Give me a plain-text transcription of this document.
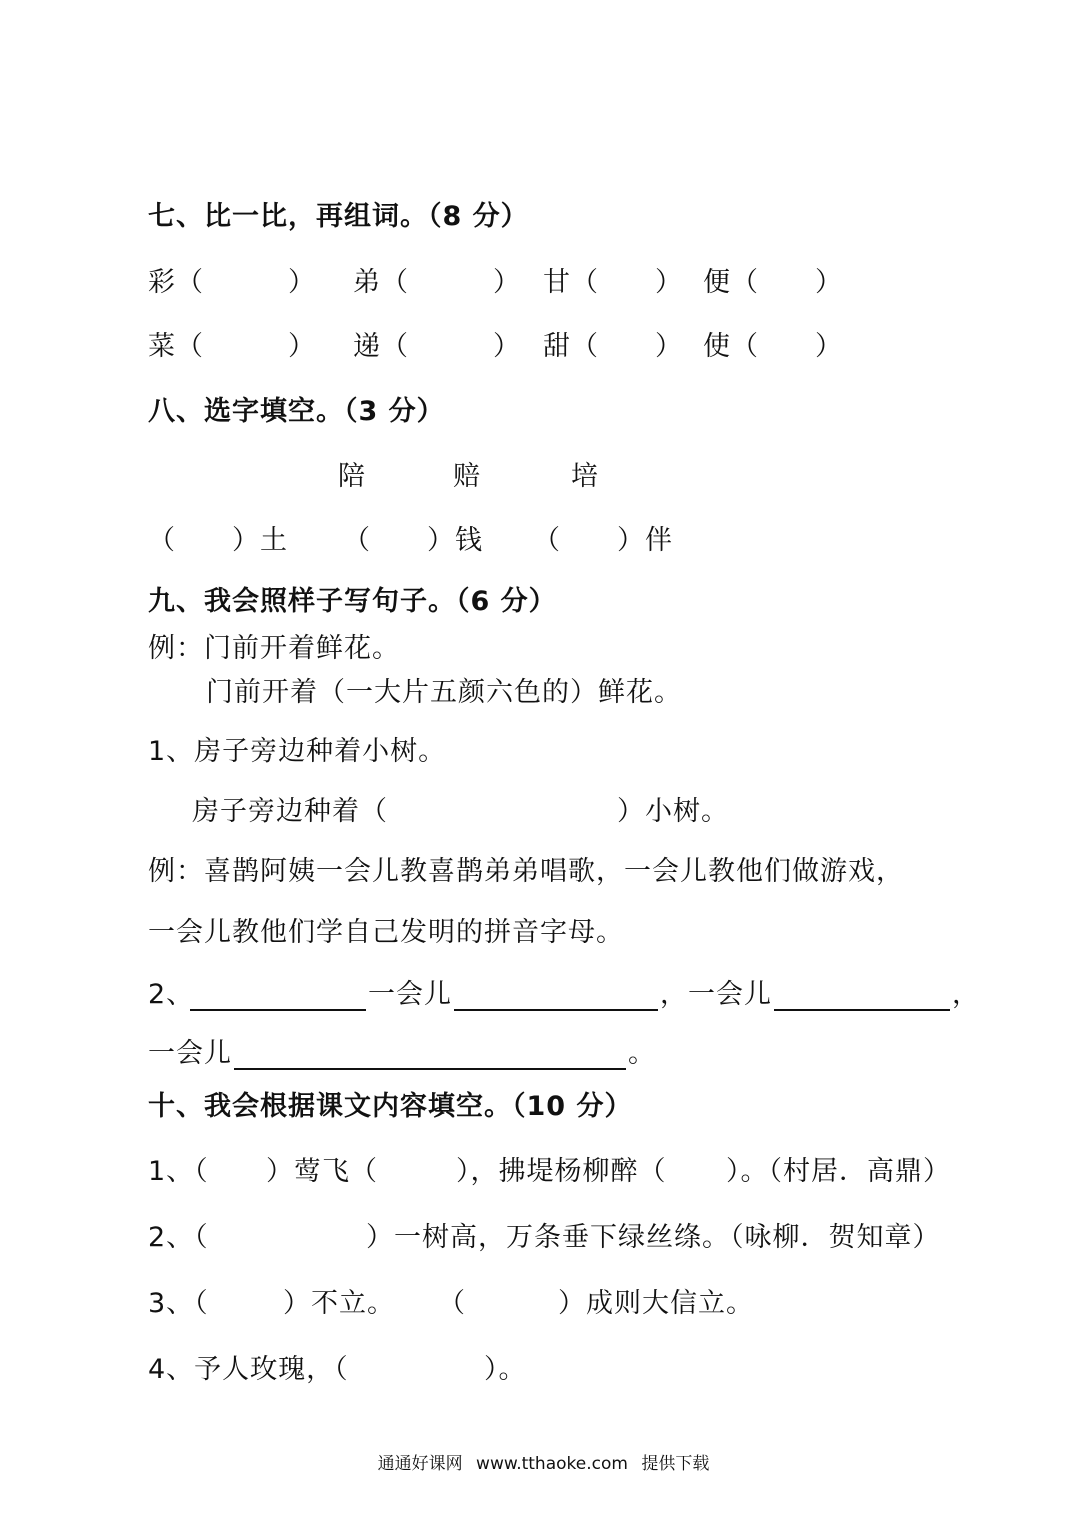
七、比一比，再组词。（8 分）
彩（　　　） 弟（　　　） 甘（　　） 便（　　）
菜（　　　） 递（　　　） 甜（　　） 使（　　）
八、选字填空。（3 分）
陪	赔	培
（　　）土 （　　）钱 （　　）伴
九、我会照样子写句子。（6 分）
例：门前开着鲜花。
门前开着（一大片五颜六色的）鲜花。
1、房子旁边种着小树。
房子旁边种着（	）小树。
例：喜鹊阿姨一会儿教喜鹊弟弟唱歌，一会儿教他们做游戏，
一会儿教他们学自己发明的拼音字母。
2、	一会儿	，一会儿	，
一会儿	。
十、我会根据课文内容填空。（10 分）
1、（ ）莺飞（	），拂堤杨柳醉（ ）。（村居．高鼎）
2、（	）一树高，万条垂下绿丝绦。（咏柳．贺知章）
3、（	）不立。 （	）成则大信立。
4、予人玫瑰，（	）。
通通好课网 www.tthaoke.com 提供下载
